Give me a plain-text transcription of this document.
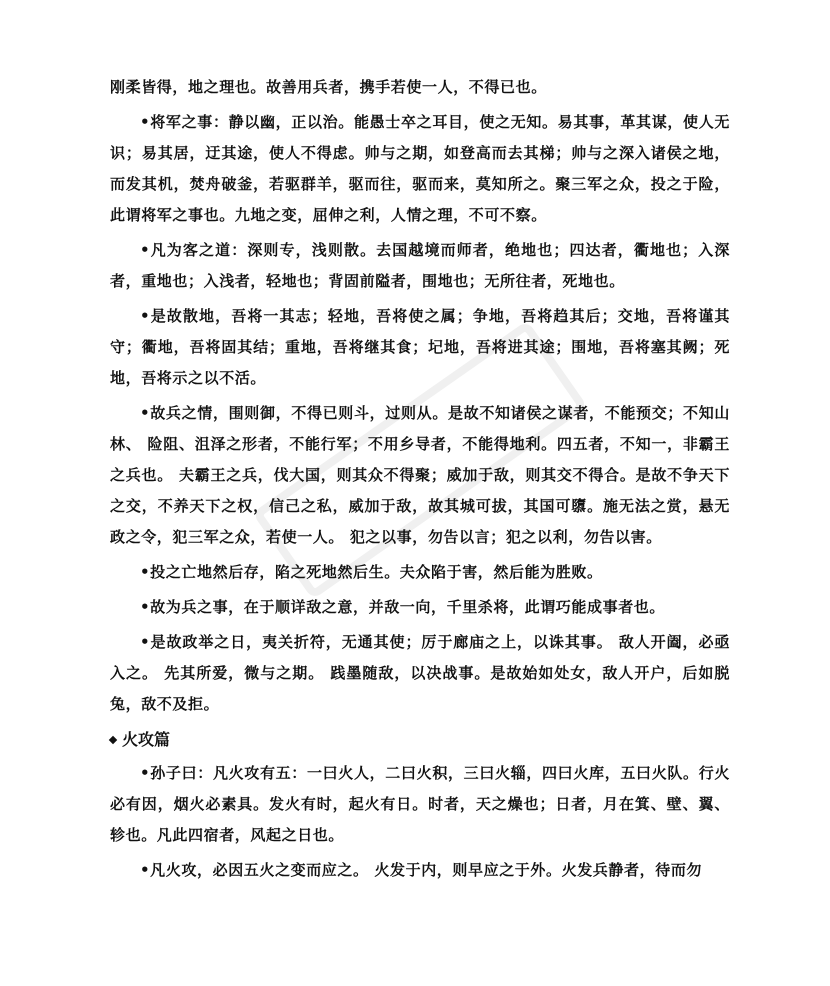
刚柔皆得，地之理也。故善用兵者，携手若使一人，不得已也。

•将军之事：静以幽，正以治。能愚士卒之耳目，使之无知。易其事，革其谋，使人无识；易其居，迂其途，使人不得虑。帅与之期，如登高而去其梯；帅与之深入诸侯之地，而发其机，焚舟破釜，若驱群羊，驱而往，驱而来，莫知所之。聚三军之众，投之于险，此谓将军之事也。九地之变，屈伸之利，人情之理，不可不察。

•凡为客之道：深则专，浅则散。去国越境而师者，绝地也；四达者，衢地也；入深者，重地也；入浅者，轻地也；背固前隘者，围地也；无所往者，死地也。

•是故散地，吾将一其志；轻地，吾将使之属；争地，吾将趋其后；交地，吾将谨其守；衢地，吾将固其结；重地，吾将继其食；圮地，吾将进其途；围地，吾将塞其阙；死地，吾将示之以不活。

•故兵之情，围则御，不得已则斗，过则从。是故不知诸侯之谋者，不能预交；不知山林、 险阻、沮泽之形者，不能行军；不用乡导者，不能得地利。四五者，不知一，非霸王之兵也。 夫霸王之兵，伐大国，则其众不得聚；威加于敌，则其交不得合。是故不争天下之交，不养天下之权，信己之私，威加于敌，故其城可拔，其国可隳。施无法之赏，悬无政之令，犯三军之众，若使一人。 犯之以事，勿告以言；犯之以利，勿告以害。

•投之亡地然后存，陷之死地然后生。夫众陷于害，然后能为胜败。

•故为兵之事，在于顺详敌之意，并敌一向，千里杀将，此谓巧能成事者也。

•是故政举之日，夷关折符，无通其使；厉于廊庙之上，以诛其事。 敌人开阖，必亟入之。 先其所爱，微与之期。 践墨随敌，以决战事。是故始如处女，敌人开户，后如脱兔，敌不及拒。

火攻篇

•孙子曰：凡火攻有五：一曰火人，二曰火积，三曰火辎，四曰火库，五曰火队。行火必有因，烟火必素具。发火有时，起火有日。时者，天之燥也；日者，月在箕、壁、翼、轸也。凡此四宿者，风起之日也。

•凡火攻，必因五火之变而应之。 火发于内，则早应之于外。火发兵静者，待而勿
